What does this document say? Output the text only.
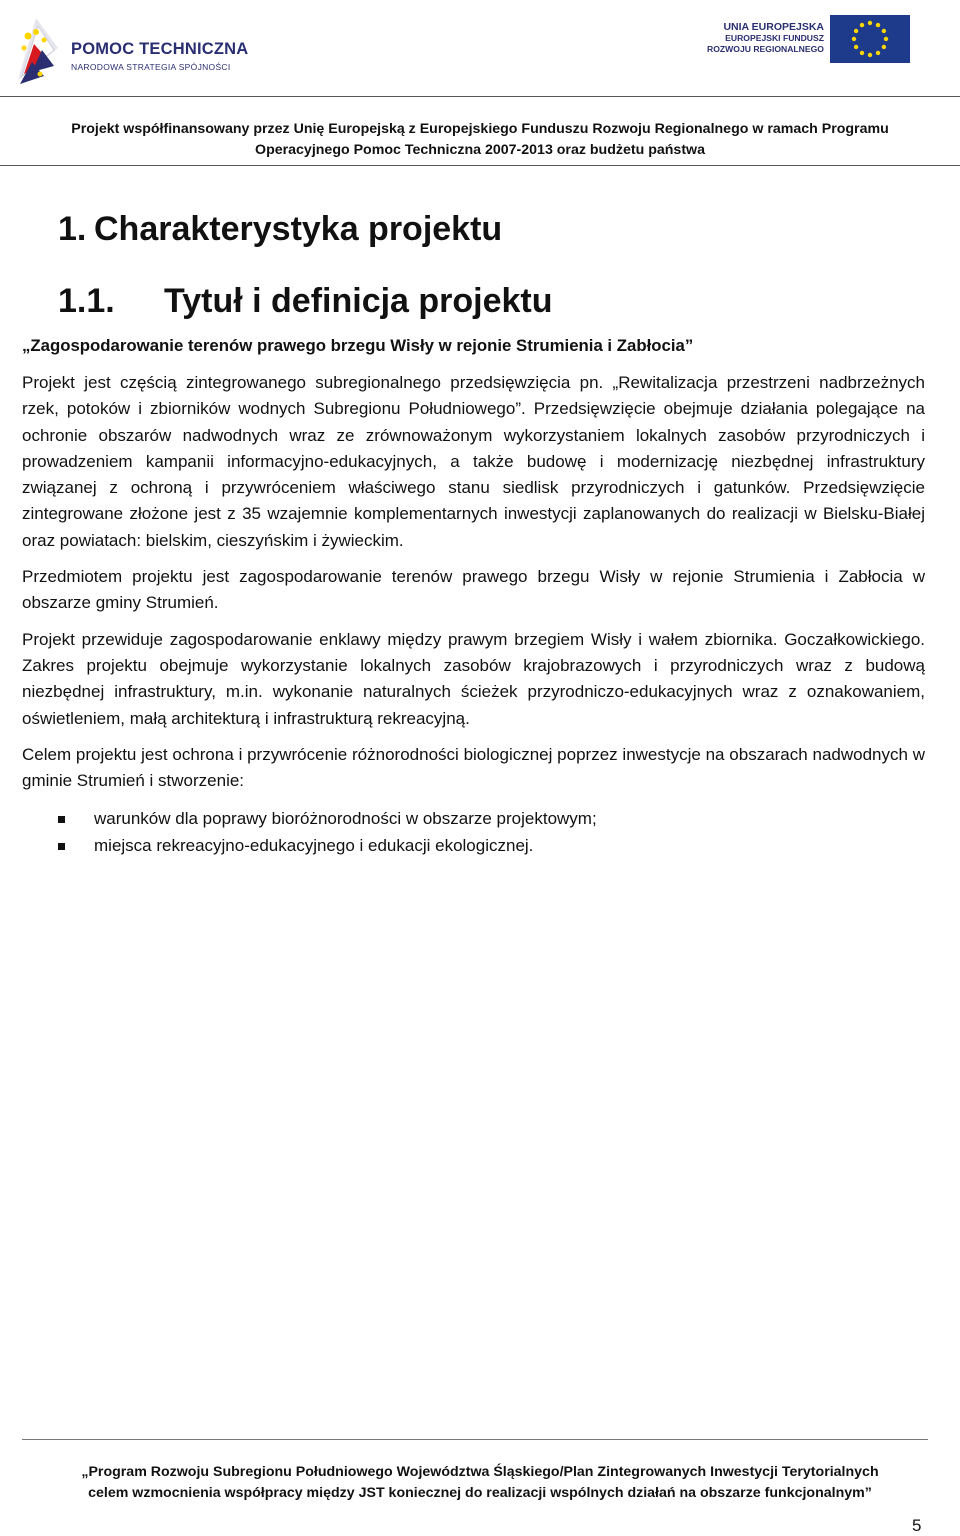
POMOC TECHNICZNA
NARODOWA STRATEGIA SPÓJNOŚCI
UNIA EUROPEJSKA
EUROPEJSKI FUNDUSZ
ROZWOJU REGIONALNEGO
Projekt współfinansowany przez Unię Europejską z Europejskiego Funduszu Rozwoju Regionalnego w ramach Programu
Operacyjnego Pomoc Techniczna 2007-2013 oraz budżetu państwa
1. Charakterystyka projektu
1.1. Tytuł i definicja projektu
„Zagospodarowanie terenów prawego brzegu Wisły w rejonie Strumienia i Zabłocia”

Projekt jest częścią zintegrowanego subregionalnego przedsięwzięcia pn. „Rewitalizacja przestrzeni nadbrzeżnych rzek, potoków i zbiorników wodnych Subregionu Południowego”. Przedsięwzięcie obejmuje działania polegające na ochronie obszarów nadwodnych wraz ze zrównoważonym wykorzystaniem lokalnych zasobów przyrodniczych i prowadzeniem kampanii informacyjno-edukacyjnych, a także budowę i modernizację niezbędnej infrastruktury związanej z ochroną i przywróceniem właściwego stanu siedlisk przyrodniczych i gatunków. Przedsięwzięcie zintegrowane złożone jest z 35 wzajemnie komplementarnych inwestycji zaplanowanych do realizacji w Bielsku-Białej oraz powiatach: bielskim, cieszyńskim i żywieckim.

Przedmiotem projektu jest zagospodarowanie terenów prawego brzegu Wisły w rejonie Strumienia i Zabłocia w obszarze gminy Strumień.

Projekt przewiduje zagospodarowanie enklawy między prawym brzegiem Wisły i wałem zbiornika. Goczałkowickiego. Zakres projektu obejmuje wykorzystanie lokalnych zasobów krajobrazowych i przyrodniczych wraz z budową niezbędnej infrastruktury, m.in. wykonanie naturalnych ścieżek przyrodniczo-edukacyjnych wraz z oznakowaniem, oświetleniem, małą architekturą i infrastrukturą rekreacyjną.

Celem projektu jest ochrona i przywrócenie różnorodności biologicznej poprzez inwestycje na obszarach nadwodnych w gminie Strumień i stworzenie:

warunków dla poprawy bioróżnorodności w obszarze projektowym;
miejsca rekreacyjno-edukacyjnego i edukacji ekologicznej.
„Program Rozwoju Subregionu Południowego Województwa Śląskiego/Plan Zintegrowanych Inwestycji Terytorialnych
celem wzmocnienia współpracy między JST koniecznej do realizacji wspólnych działań na obszarze funkcjonalnym”
5
